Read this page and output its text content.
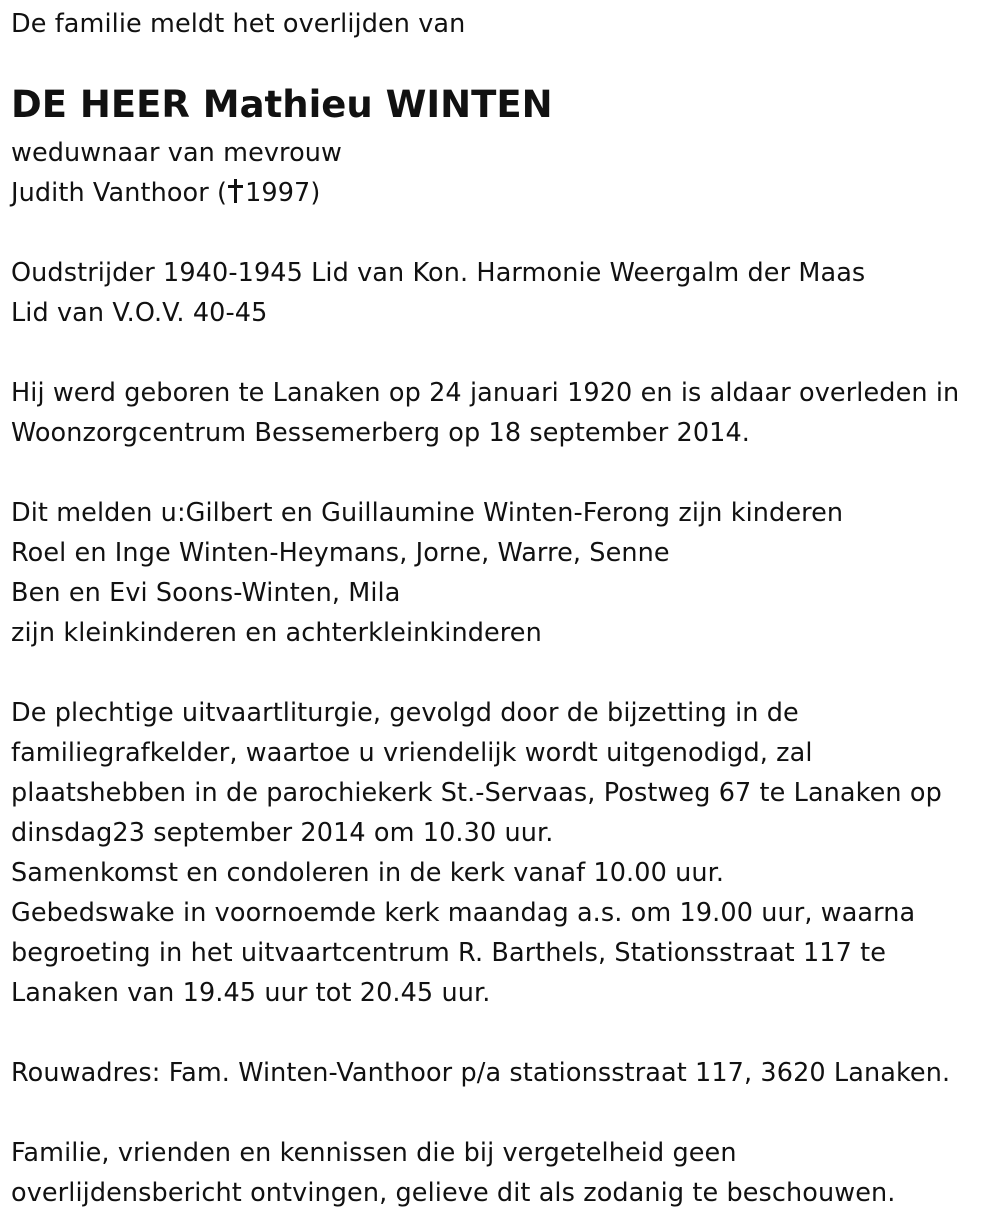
De familie meldt het overlijden van
DE HEER Mathieu WINTEN
weduwnaar van mevrouw
Judith Vanthoor ( 1997)
Oudstrijder 1940-1945 Lid van Kon. Harmonie Weergalm der Maas
Lid van V.O.V. 40-45
Hij werd geboren te Lanaken op 24 januari 1920 en is aldaar overleden in
Woonzorgcentrum Bessemerberg op 18 september 2014.
Dit melden u:Gilbert en Guillaumine Winten-Ferong zijn kinderen
Roel en Inge Winten-Heymans, Jorne, Warre, Senne
Ben en Evi Soons-Winten, Mila
zijn kleinkinderen en achterkleinkinderen
De plechtige uitvaartliturgie, gevolgd door de bijzetting in de
familiegrafkelder, waartoe u vriendelijk wordt uitgenodigd, zal
plaatshebben in de parochiekerk St.-Servaas, Postweg 67 te Lanaken op
dinsdag23 september 2014 om 10.30 uur.
Samenkomst en condoleren in de kerk vanaf 10.00 uur.
Gebedswake in voornoemde kerk maandag a.s. om 19.00 uur, waarna
begroeting in het uitvaartcentrum R. Barthels, Stationsstraat 117 te
Lanaken van 19.45 uur tot 20.45 uur.
Rouwadres: Fam. Winten-Vanthoor p/a stationsstraat 117, 3620 Lanaken.
Familie, vrienden en kennissen die bij vergetelheid geen
overlijdensbericht ontvingen, gelieve dit als zodanig te beschouwen.
